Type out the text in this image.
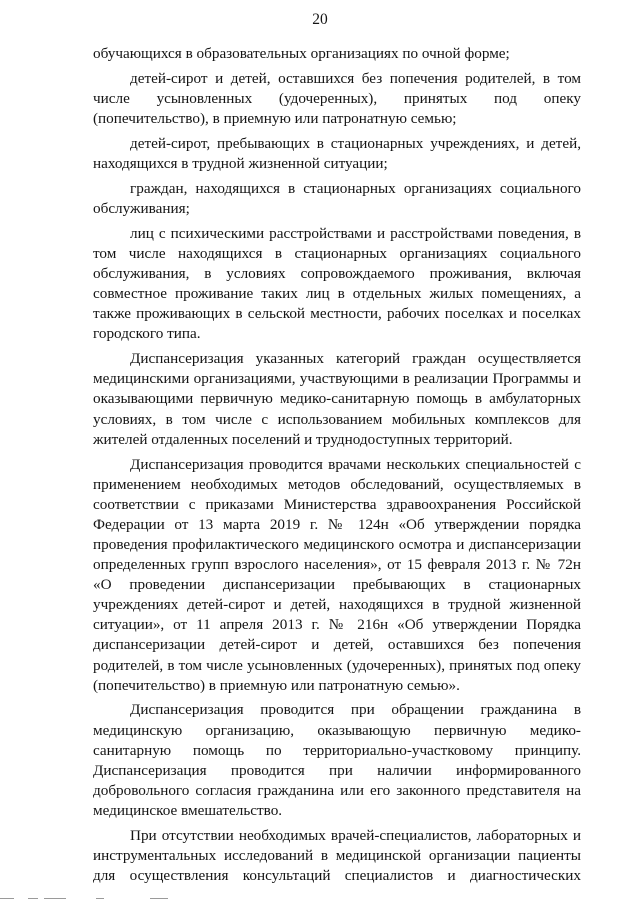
20

обучающихся в образовательных организациях по очной форме;

детей-сирот и детей, оставшихся без попечения родителей, в том числе усыновленных (удочеренных), принятых под опеку (попечительство), в приемную или патронатную семью;

детей-сирот, пребывающих в стационарных учреждениях, и детей, находящихся в трудной жизненной ситуации;

граждан, находящихся в стационарных организациях социального обслуживания;

лиц с психическими расстройствами и расстройствами поведения, в том числе находящихся в стационарных организациях социального обслуживания, в условиях сопровождаемого проживания, включая совместное проживание таких лиц в отдельных жилых помещениях, а также проживающих в сельской местности, рабочих поселках и поселках городского типа.

Диспансеризация указанных категорий граждан осуществляется медицинскими организациями, участвующими в реализации Программы и оказывающими первичную медико-санитарную помощь в амбулаторных условиях, в том числе с использованием мобильных комплексов для жителей отдаленных поселений и труднодоступных территорий.

Диспансеризация проводится врачами нескольких специальностей с применением необходимых методов обследований, осуществляемых в соответствии с приказами Министерства здравоохранения Российской Федерации от 13 марта 2019 г. № 124н «Об утверждении порядка проведения профилактического медицинского осмотра и диспансеризации определенных групп взрослого населения», от 15 февраля 2013 г. № 72н «О проведении диспансеризации пребывающих в стационарных учреждениях детей-сирот и детей, находящихся в трудной жизненной ситуации», от 11 апреля 2013 г. № 216н «Об утверждении Порядка диспансеризации детей-сирот и детей, оставшихся без попечения родителей, в том числе усыновленных (удочеренных), принятых под опеку (попечительство) в приемную или патронатную семью».

Диспансеризация проводится при обращении гражданина в медицинскую организацию, оказывающую первичную медико-санитарную помощь по территориально-участковому принципу. Диспансеризация проводится при наличии информированного добровольного согласия гражданина или его законного представителя на медицинское вмешательство.

При отсутствии необходимых врачей-специалистов, лабораторных и инструментальных исследований в медицинской организации пациенты для осуществления консультаций специалистов и диагностических
